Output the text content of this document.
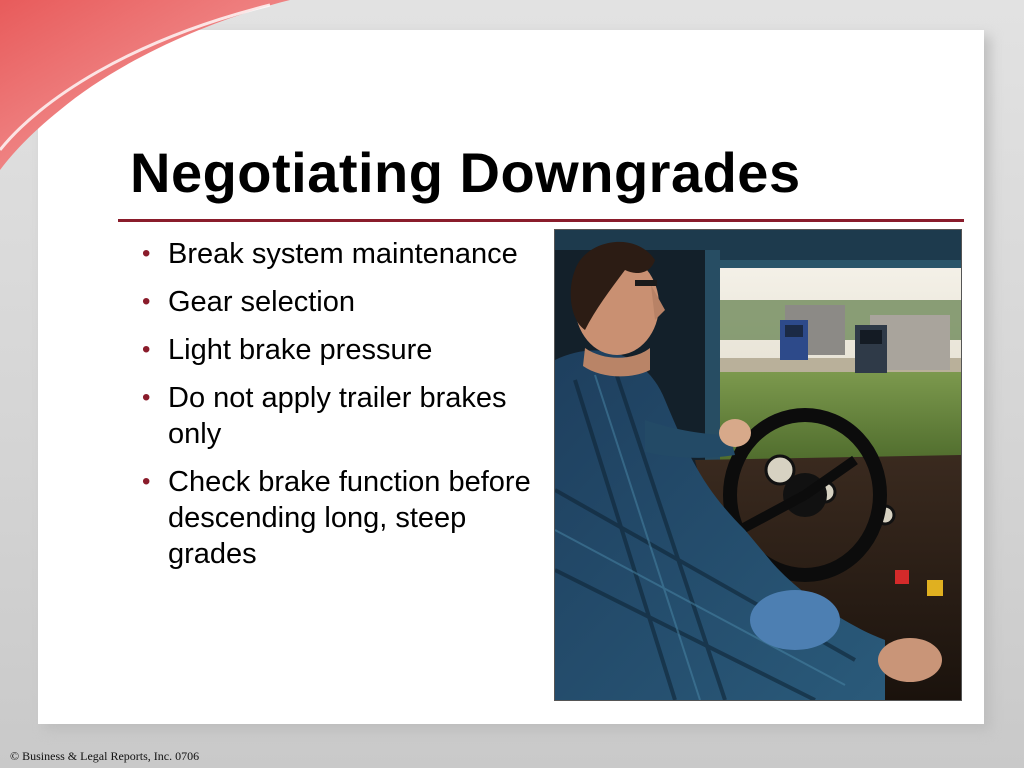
Negotiating Downgrades
• Break system maintenance
• Gear selection
• Light brake pressure
• Do not apply trailer brakes only
• Check brake function before descending long, steep grades
© Business & Legal Reports, Inc. 0706
